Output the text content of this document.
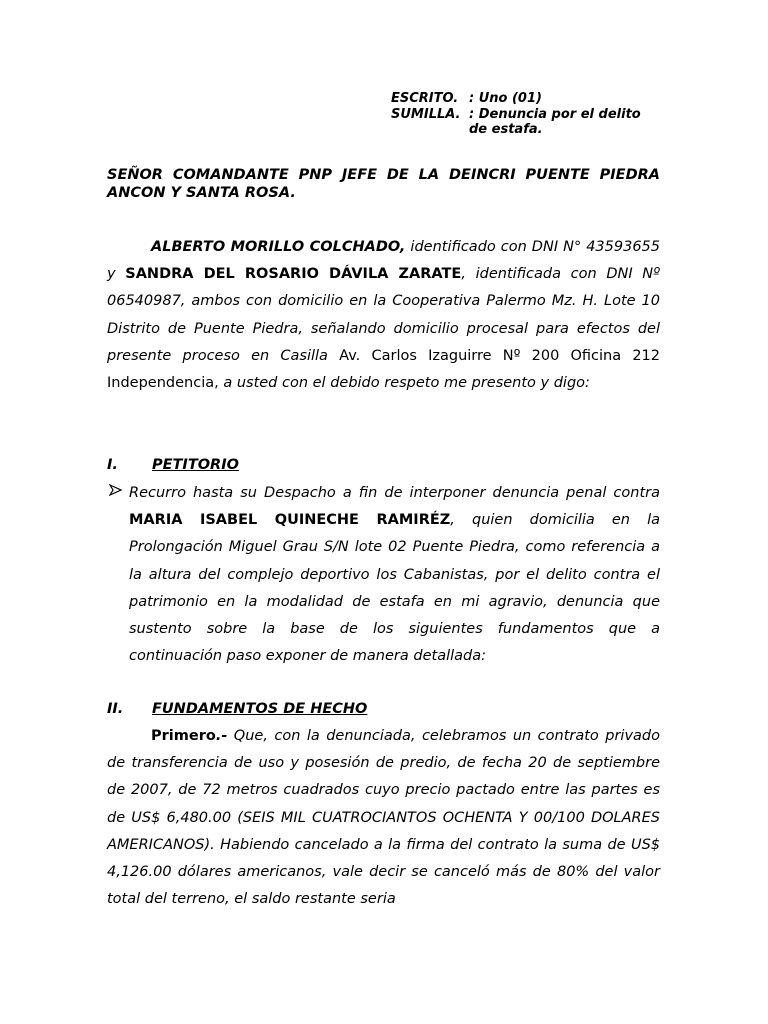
ESCRITO. : Uno (01)
SUMILLA. : Denuncia por el delito de estafa.
SEÑOR COMANDANTE PNP JEFE DE LA DEINCRI PUENTE PIEDRA ANCON Y SANTA ROSA.
ALBERTO MORILLO COLCHADO, identificado con DNI N° 43593655 y SANDRA DEL ROSARIO DÁVILA ZARATE, identificada con DNI Nº 06540987, ambos con domicilio en la Cooperativa Palermo Mz. H. Lote 10 Distrito de Puente Piedra, señalando domicilio procesal para efectos del presente proceso en Casilla Av. Carlos Izaguirre Nº 200 Oficina 212 Independencia, a usted con el debido respeto me presento y digo:
I. PETITORIO
Recurro hasta su Despacho a fin de interponer denuncia penal contra MARIA ISABEL QUINECHE RAMIRÉZ, quien domicilia en la Prolongación Miguel Grau S/N lote 02 Puente Piedra, como referencia a la altura del complejo deportivo los Cabanistas, por el delito contra el patrimonio en la modalidad de estafa en mi agravio, denuncia que sustento sobre la base de los siguientes fundamentos que a continuación paso exponer de manera detallada:
II. FUNDAMENTOS DE HECHO
Primero.- Que, con la denunciada, celebramos un contrato privado de transferencia de uso y posesión de predio, de fecha 20 de septiembre de 2007, de 72 metros cuadrados cuyo precio pactado entre las partes es de US$ 6,480.00 (SEIS MIL CUATROCIANTOS OCHENTA Y 00/100 DOLARES AMERICANOS). Habiendo cancelado a la firma del contrato la suma de US$ 4,126.00 dólares americanos, vale decir se canceló más de 80% del valor total del terreno, el saldo restante seria
